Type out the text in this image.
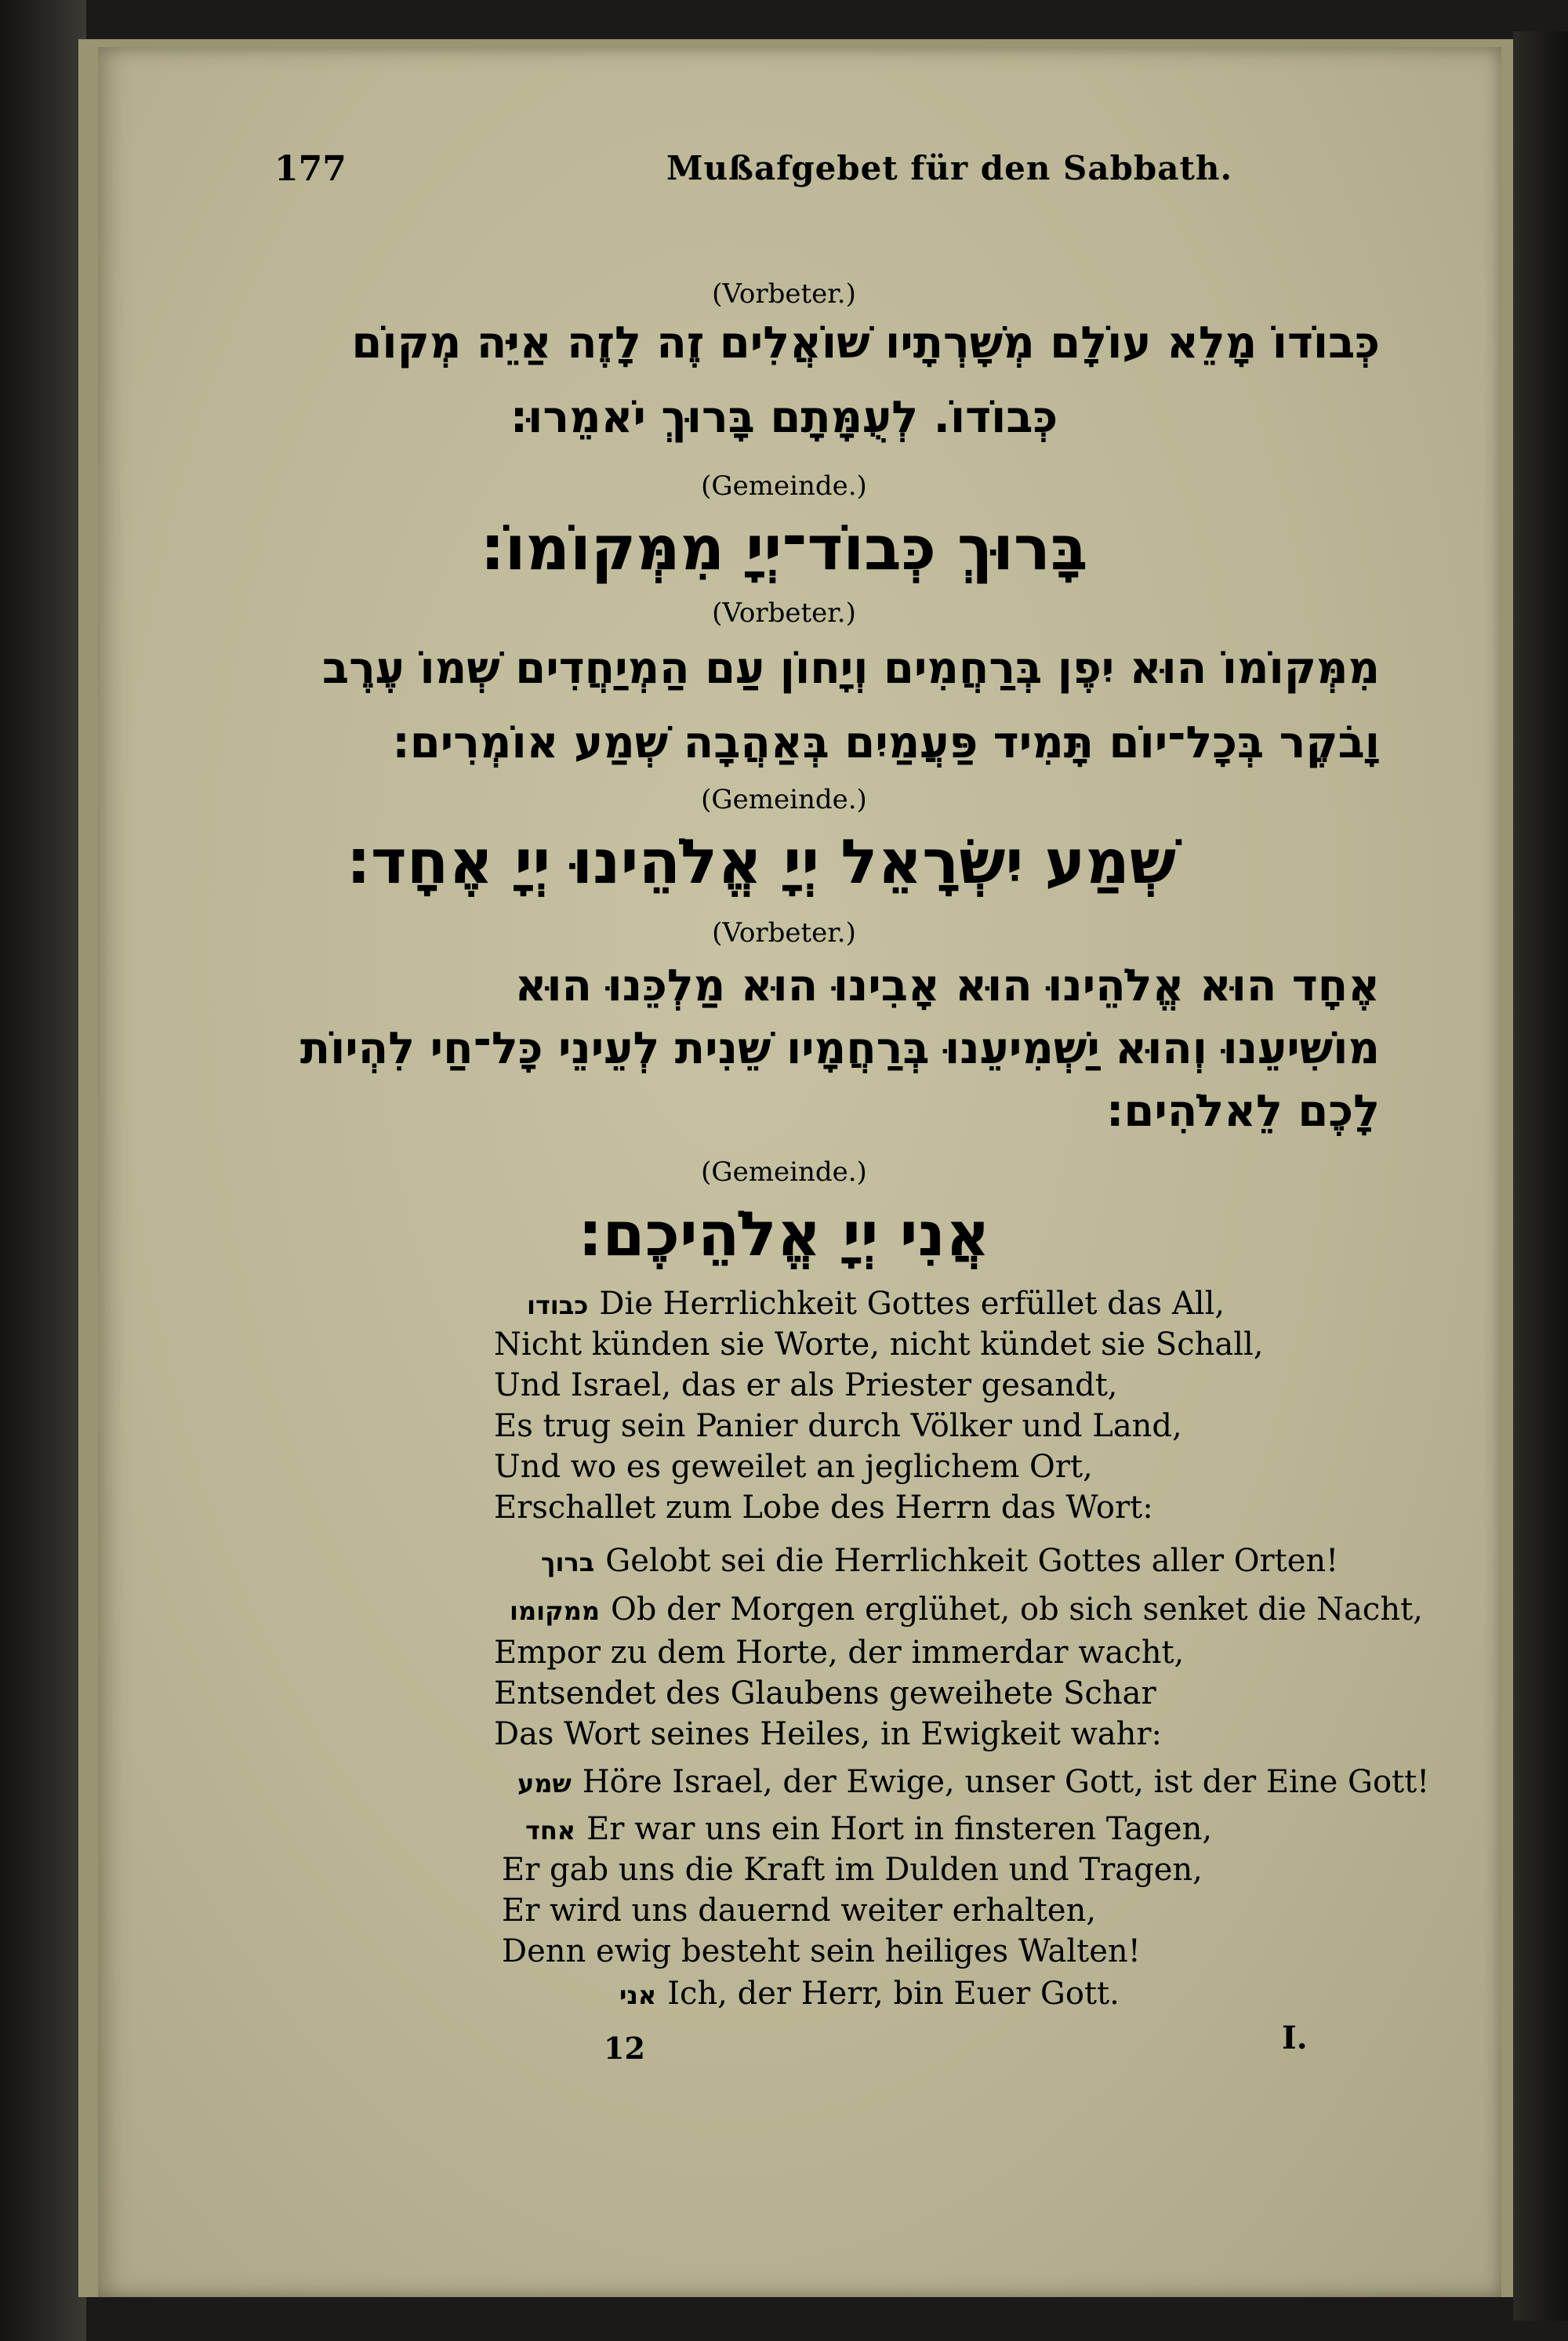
177	Mußafgebet für den Sabbath.
(Vorbeter.)
כְּבוֹדוֹ מָלֵא עוֹלָם מְשָׁרְתָיו שׁוֹאֲלִים זֶה לָזֶה אַיֵּה מְקוֹם
כְּבוֹדוֹ. לְעֻמָּתָם בָּרוּךְ יֹאמֵרוּ:
(Gemeinde.)
בָּרוּךְ כְּבוֹד־יְיָ מִמְּקוֹמוֹ:
(Vorbeter.)
מִמְּקוֹמוֹ הוּא יִפֶן בְּרַחֲמִים וְיָחוֹן עַם הַמְיַחֲדִים שְׁמוֹ עֶרֶב
וָבֹקֶר בְּכָל־יוֹם תָּמִיד פַּעֲמַיִם בְּאַהֲבָה שְׁמַע אוֹמְרִים:
(Gemeinde.)
שְׁמַע יִשְׂרָאֵל יְיָ אֱלֹהֵינוּ יְיָ אֶחָד:
(Vorbeter.)
אֶחָד הוּא אֱלֹהֵינוּ הוּא אָבִינוּ הוּא מַלְכֵּנוּ הוּא
מוֹשִׁיעֵנוּ וְהוּא יַשְׁמִיעֵנוּ בְּרַחֲמָיו שֵׁנִית לְעֵינֵי כָּל־חַי לִהְיוֹת
לָכֶם לֵאלֹהִים:
(Gemeinde.)
אֲנִי יְיָ אֱלֹהֵיכֶם:
כבודו Die Herrlichkeit Gottes erfüllet das All,
Nicht künden sie Worte, nicht kündet sie Schall,
Und Israel, das er als Priester gesandt,
Es trug sein Panier durch Völker und Land,
Und wo es geweilet an jeglichem Ort,
Erschallet zum Lobe des Herrn das Wort:
ברוך Gelobt sei die Herrlichkeit Gottes aller Orten!
ממקומו Ob der Morgen erglühet, ob sich senket die Nacht,
Empor zu dem Horte, der immerdar wacht,
Entsendet des Glaubens geweihete Schar
Das Wort seines Heiles, in Ewigkeit wahr:
שמע Höre Israel, der Ewige, unser Gott, ist der Eine Gott!
אחד Er war uns ein Hort in finsteren Tagen,
Er gab uns die Kraft im Dulden und Tragen,
Er wird uns dauernd weiter erhalten,
Denn ewig besteht sein heiliges Walten!
אני Ich, der Herr, bin Euer Gott.
12	I.
